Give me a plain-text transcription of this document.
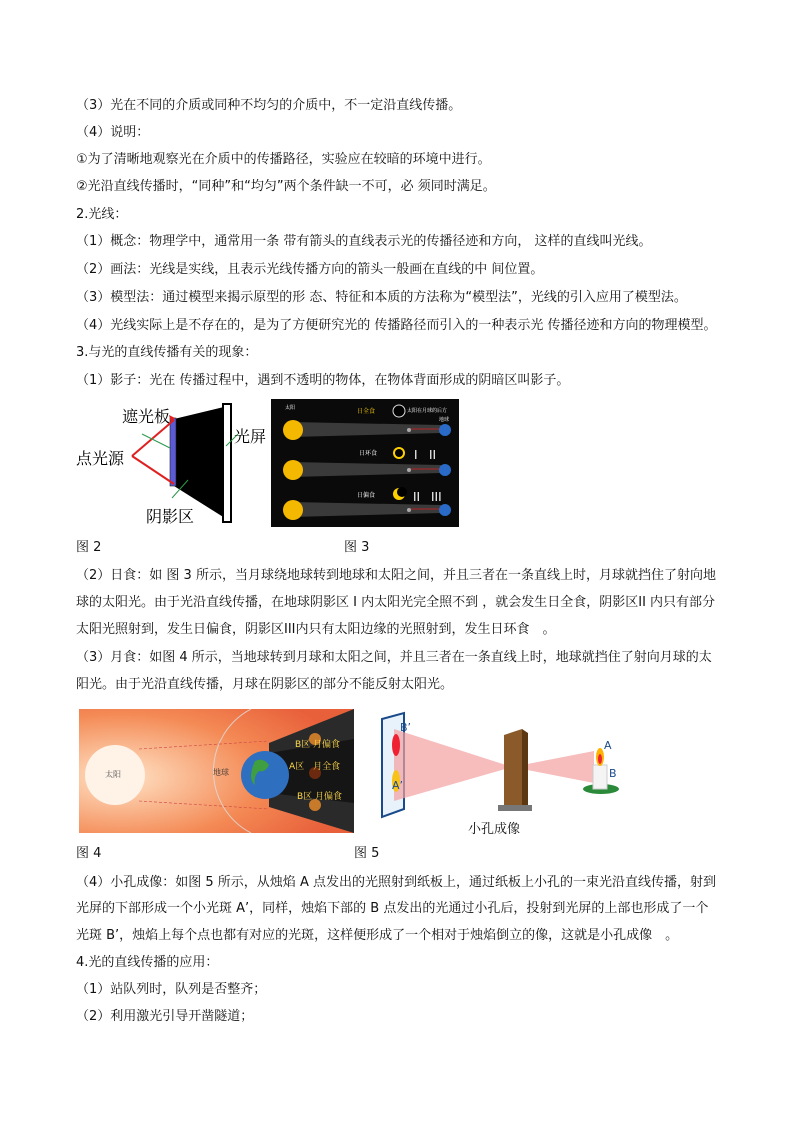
（3）光在不同的介质或同种不均匀的介质中，不一定沿直线传播。
（4）说明：
①为了清晰地观察光在介质中的传播路径，实验应在较暗的环境中进行。
②光沿直线传播时，“同种”和“均匀”两个条件缺一不可，必 须同时满足。
2.光线：
（1）概念：物理学中，通常用一条 带有箭头的直线表示光的传播径迹和方向， 这样的直线叫光线。
（2）画法：光线是实线，且表示光线传播方向的箭头一般画在直线的中 间位置。
（3）模型法：通过模型来揭示原型的形 态、特征和本质的方法称为“模型法”，光线的引入应用了模型法。
（4）光线实际上是不存在的，是为了方便研究光的 传播路径而引入的一种表示光 传播径迹和方向的物理模型。
3.与光的直线传播有关的现象：
（1）影子：光在 传播过程中，遇到不透明的物体，在物体背面形成的阴暗区叫影子。
遮光板
点光源
光屏
阴影区
太阳
地球
太阳在月球的后方
日全食
日环食
日偏食
I II
II III
图 2	图 3
（2）日食：如 图 3 所示，当月球绕地球转到地球和太阳之间，并且三者在一条直线上时，月球就挡住了射向地
球的太阳光。由于光沿直线传播，在地球阴影区 I 内太阳光完全照不到 ，就会发生日全食，阴影区II 内只有部分
太阳光照射到，发生日偏食，阴影区III内只有太阳边缘的光照射到，发生日环食　。
（3）月食：如图 4 所示，当地球转到月球和太阳之间，并且三者在一条直线上时，地球就挡住了射向月球的太
阳光。由于光沿直线传播，月球在阴影区的部分不能反射太阳光。
太阳	地球
B区 月偏食
A区　月全食
B区 月偏食
B’
A’
A
B
小孔成像
图 4	图 5
（4）小孔成像：如图 5 所示，从烛焰 A 点发出的光照射到纸板上，通过纸板上小孔的一束光沿直线传播，射到
光屏的下部形成一个小光斑 A’，同样，烛焰下部的 B 点发出的光通过小孔后，投射到光屏的上部也形成了一个
光斑 B’，烛焰上每个点也都有对应的光斑，这样便形成了一个相对于烛焰倒立的像，这就是小孔成像　。
4.光的直线传播的应用：
（1）站队列时，队列是否整齐；
（2）利用激光引导开凿隧道；
